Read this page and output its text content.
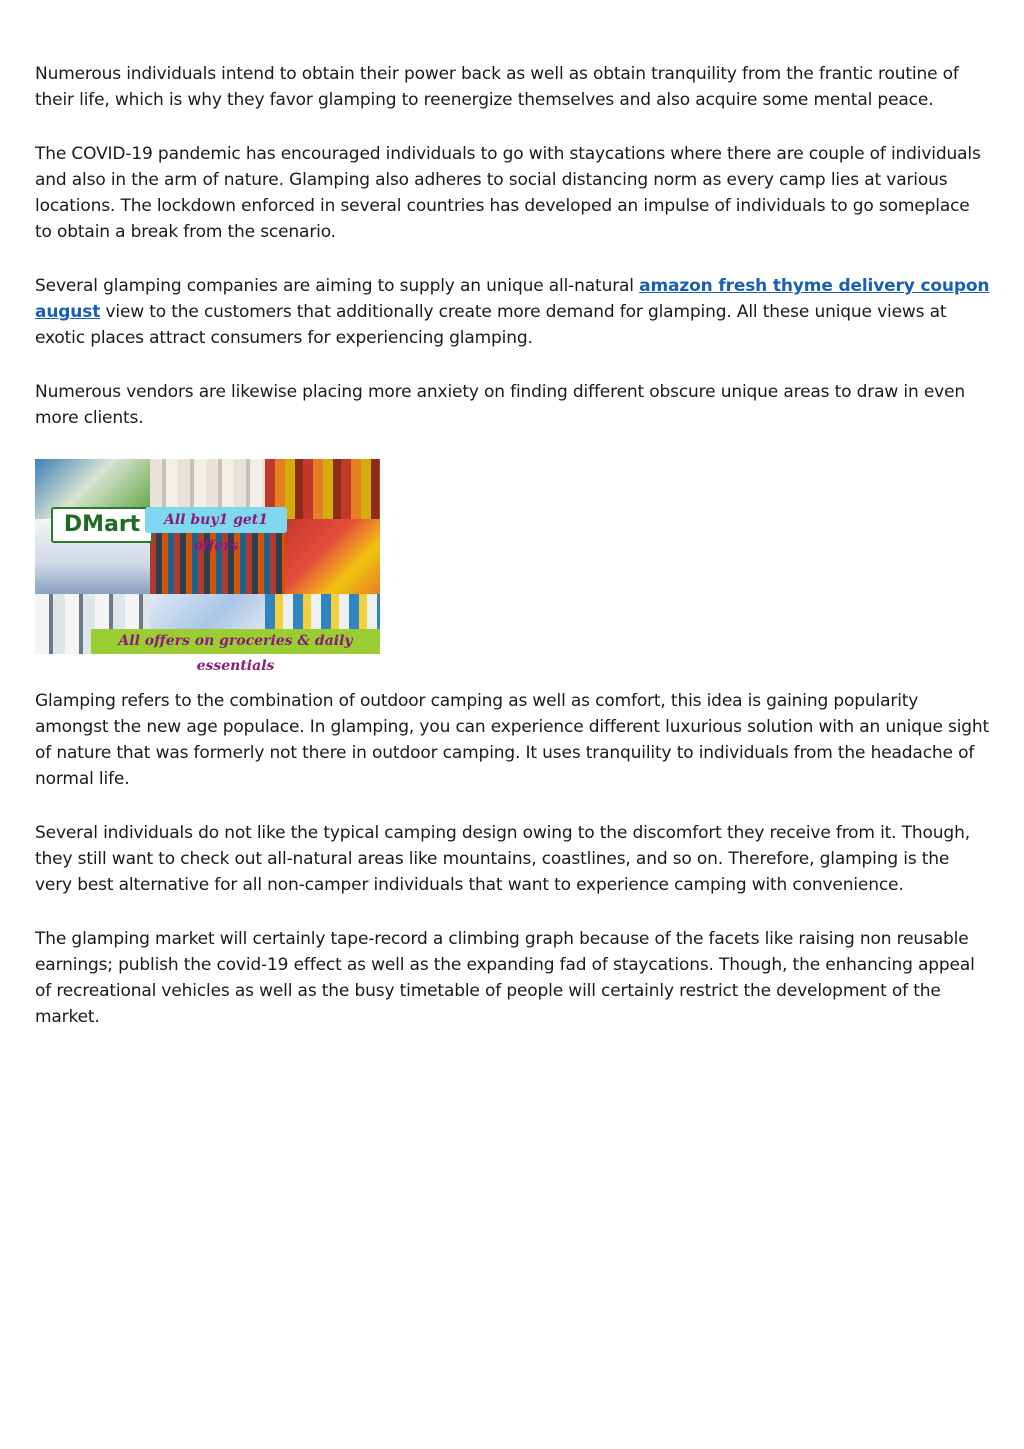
Numerous individuals intend to obtain their power back as well as obtain tranquility from the frantic routine of their life, which is why they favor glamping to reenergize themselves and also acquire some mental peace.

The COVID-19 pandemic has encouraged individuals to go with staycations where there are couple of individuals and also in the arm of nature. Glamping also adheres to social distancing norm as every camp lies at various locations. The lockdown enforced in several countries has developed an impulse of individuals to go someplace to obtain a break from the scenario.

Several glamping companies are aiming to supply an unique all-natural amazon fresh thyme delivery coupon august view to the customers that additionally create more demand for glamping. All these unique views at exotic places attract consumers for experiencing glamping.

Numerous vendors are likewise placing more anxiety on finding different obscure unique areas to draw in even more clients.

DMart	All buy1 get1 offers
All offers on groceries & daily essentials

Glamping refers to the combination of outdoor camping as well as comfort, this idea is gaining popularity amongst the new age populace. In glamping, you can experience different luxurious solution with an unique sight of nature that was formerly not there in outdoor camping. It uses tranquility to individuals from the headache of normal life.

Several individuals do not like the typical camping design owing to the discomfort they receive from it. Though, they still want to check out all-natural areas like mountains, coastlines, and so on. Therefore, glamping is the very best alternative for all non-camper individuals that want to experience camping with convenience.

The glamping market will certainly tape-record a climbing graph because of the facets like raising non reusable earnings; publish the covid-19 effect as well as the expanding fad of staycations. Though, the enhancing appeal of recreational vehicles as well as the busy timetable of people will certainly restrict the development of the market.
